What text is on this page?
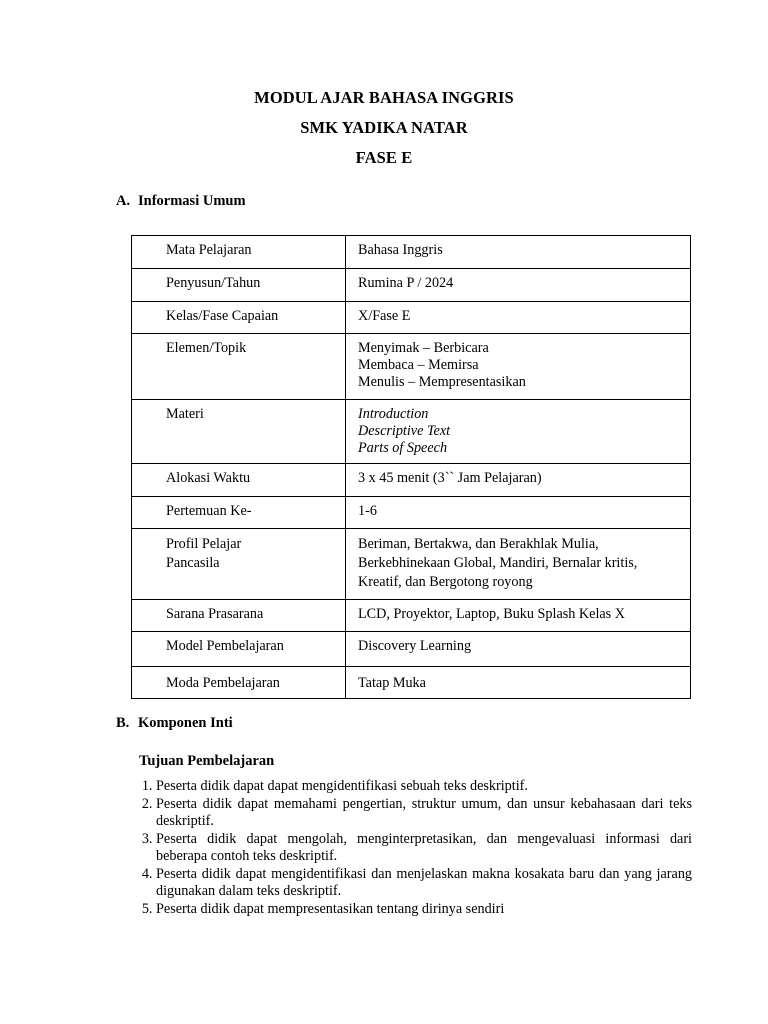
MODUL AJAR BAHASA INGGRIS
SMK YADIKA NATAR
FASE E
A. Informasi Umum
Mata Pelajaran	Bahasa Inggris

Penyusun/Tahun	Rumina P / 2024

Kelas/Fase Capaian	X/Fase E

Elemen/Topik	Menyimak – Berbicara
Membaca – Memirsa
Menulis – Mempresentasikan

Materi	Introduction
Descriptive Text
Parts of Speech

Alokasi Waktu	3 x 45 menit (3`` Jam Pelajaran)

Pertemuan Ke-	1-6

Profil Pelajar Pancasila	Beriman, Bertakwa, dan Berakhlak Mulia, Berkebhinekaan Global, Mandiri, Bernalar kritis, Kreatif, dan Bergotong royong

Sarana Prasarana	LCD, Proyektor, Laptop, Buku Splash Kelas X

Model Pembelajaran	Discovery Learning

Moda Pembelajaran	Tatap Muka
B. Komponen Inti
Tujuan Pembelajaran
1. Peserta didik dapat dapat mengidentifikasi sebuah teks deskriptif.
2. Peserta didik dapat memahami pengertian, struktur umum, dan unsur kebahasaan dari teks deskriptif.
3. Peserta didik dapat mengolah, menginterpretasikan, dan mengevaluasi informasi dari beberapa contoh teks deskriptif.
4. Peserta didik dapat mengidentifikasi dan menjelaskan makna kosakata baru dan yang jarang digunakan dalam teks deskriptif.
5. Peserta didik dapat mempresentasikan tentang dirinya sendiri
